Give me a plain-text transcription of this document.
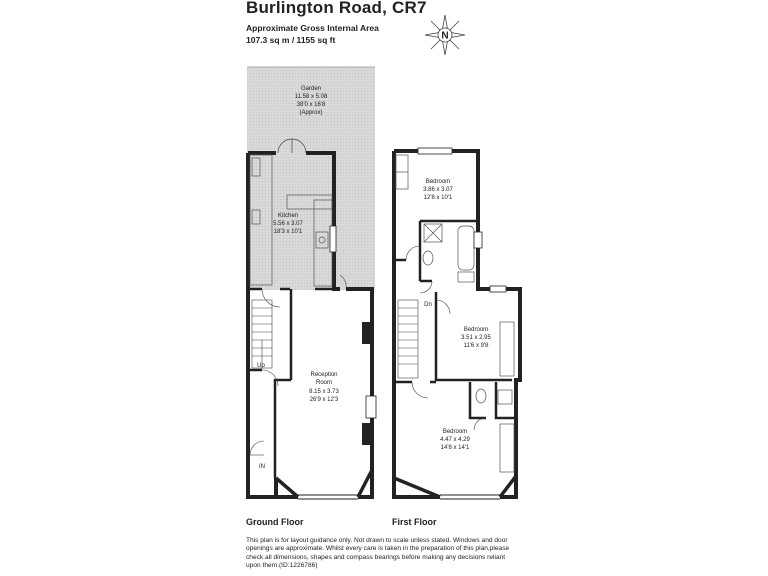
Burlington Road, CR7
Approximate Gross Internal Area
107.3 sq m / 1155 sq ft	N
Garden
11.58 x 5.08
38'0 x 16'8
(Approx)
Kitchen
5.56 x 3.07
18'3 x 10'1
Reception
Room
8.15 x 3.73
26'9 x 12'3
Up
IN
Bedroom
3.86 x 3.07
12'8 x 10'1
Bedroom
3.51 x 2.95
11'6 x 9'8
Bedroom
4.47 x 4.29
14'8 x 14'1
Dn
Ground Floor	First Floor
This plan is for layout guidance only. Not drawn to scale unless stated. Windows and door openings are approximate. Whilst every care is taken in the preparation of this plan,please check all dimensions, shapes and compass bearings before making any decisions reliant upon them.(ID:1226786)
